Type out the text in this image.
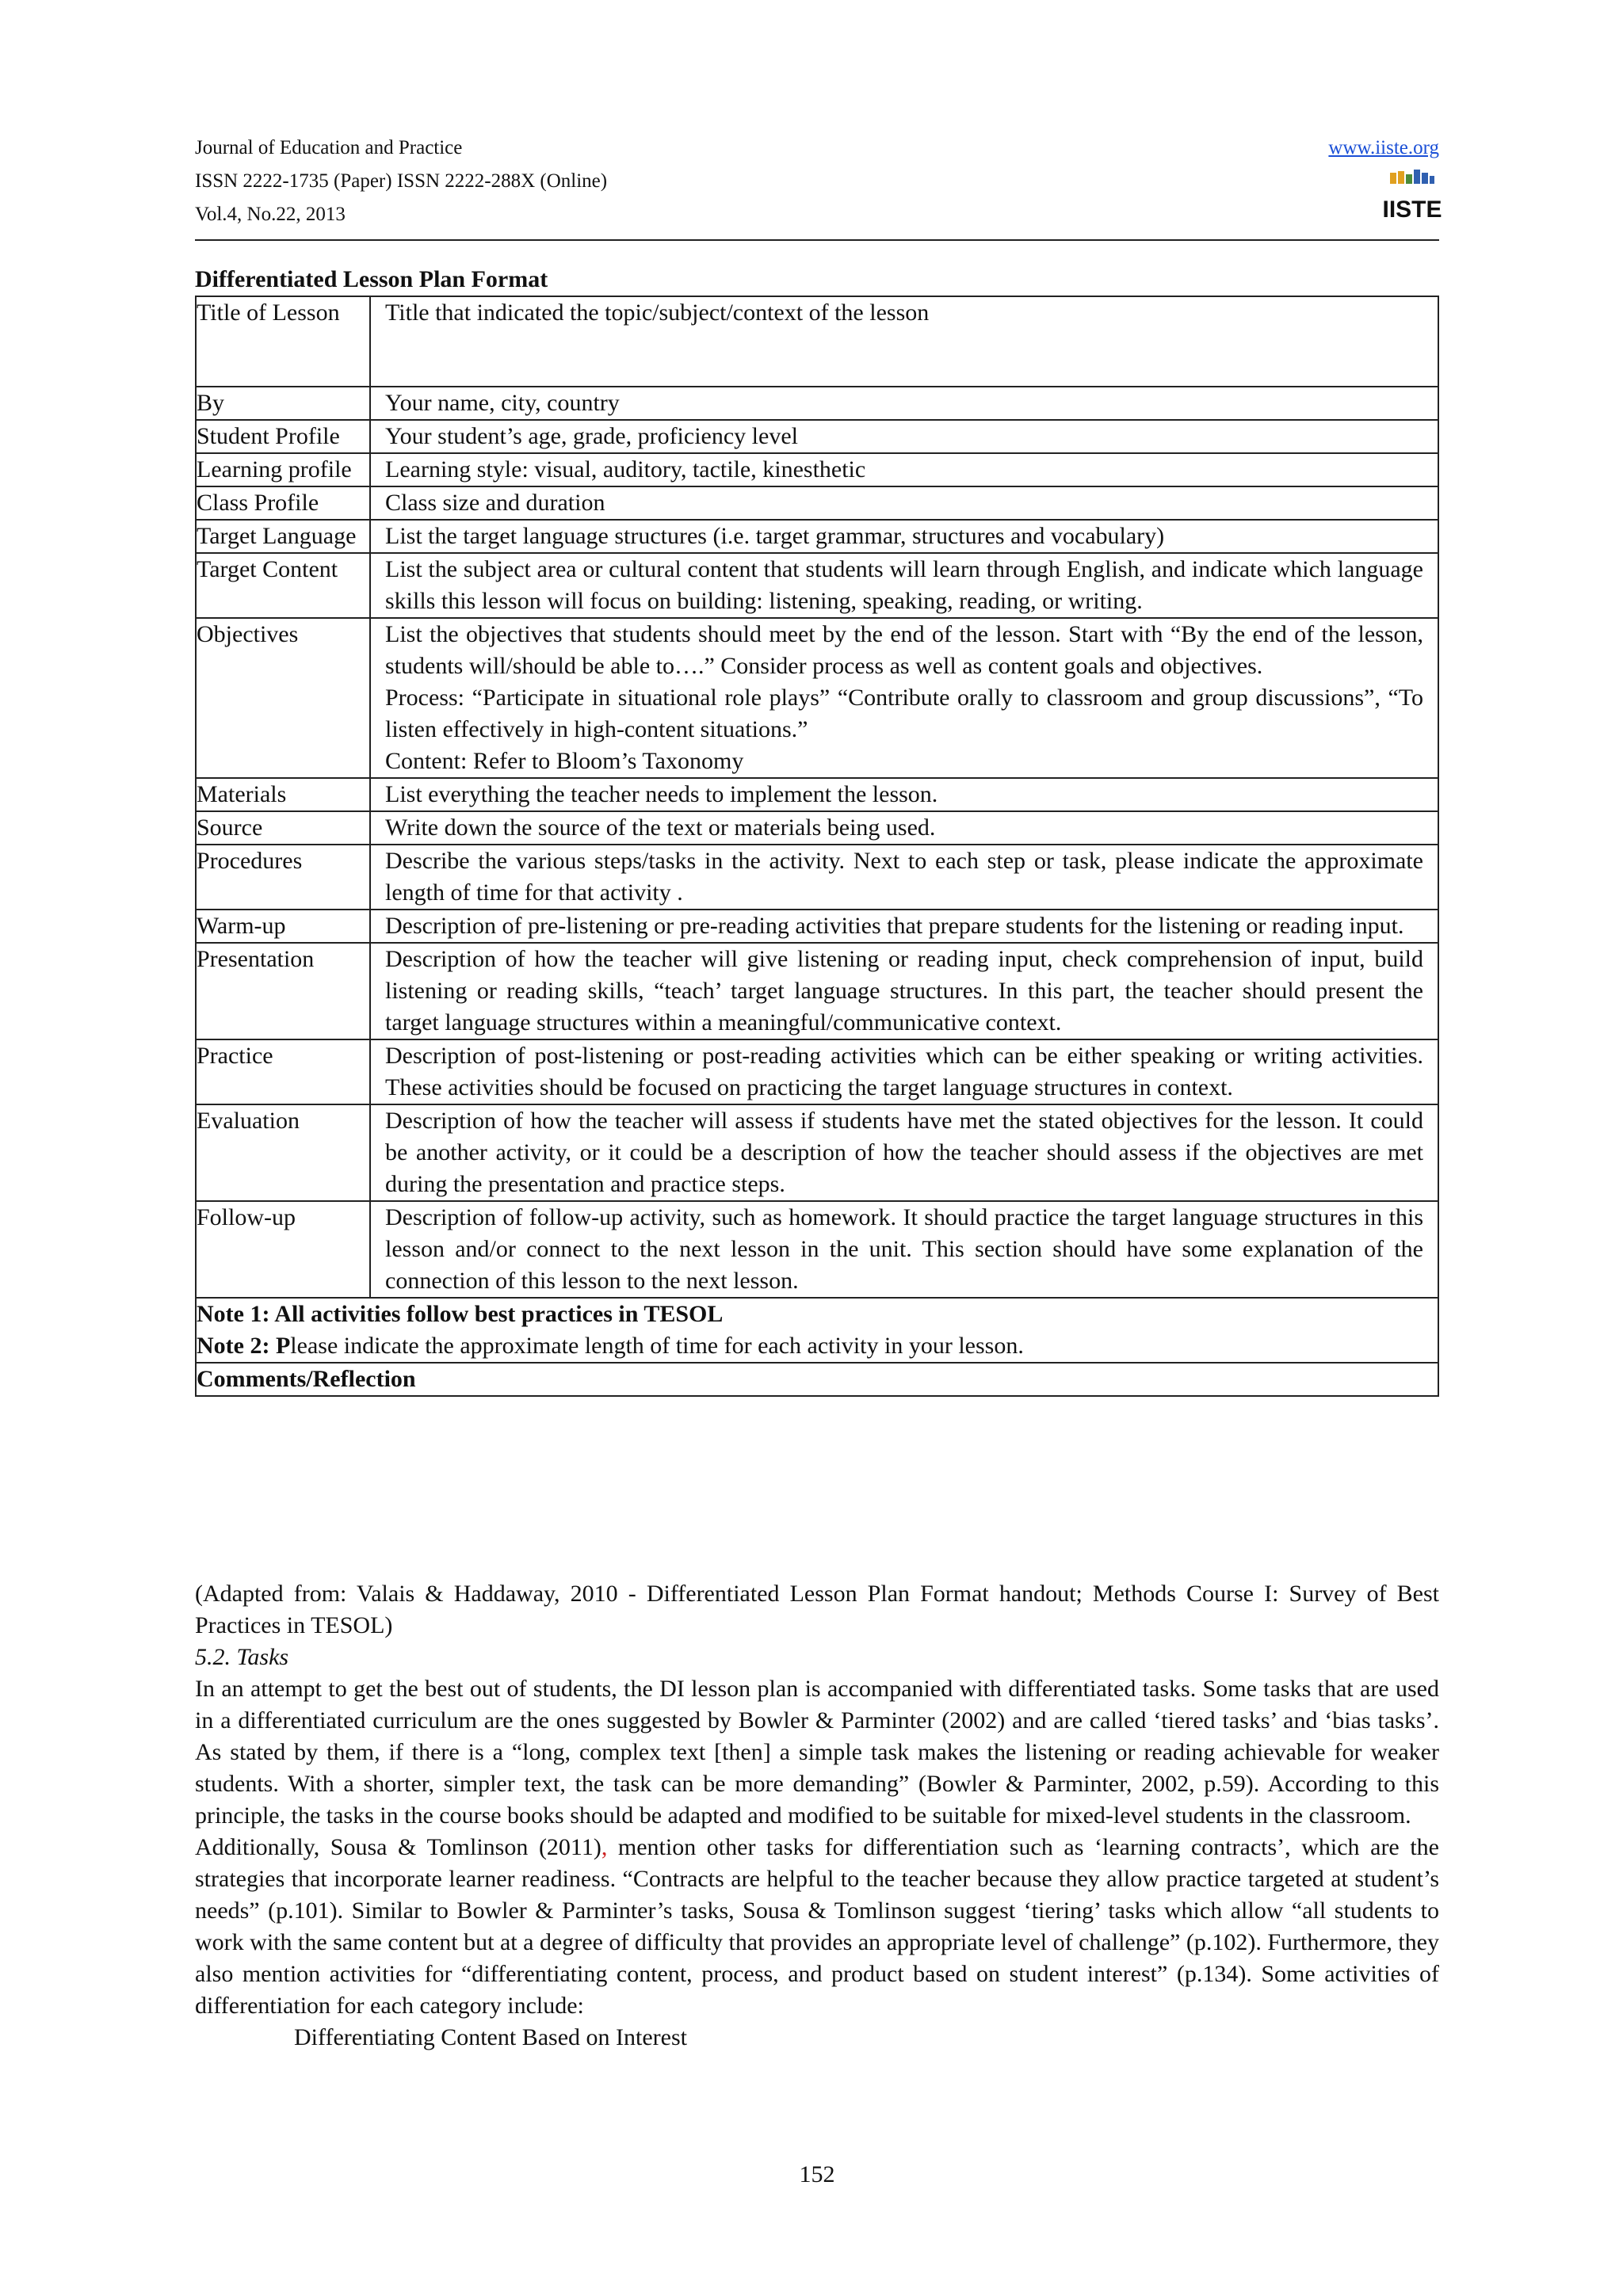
Journal of Education and Practice
ISSN 2222-1735 (Paper) ISSN 2222-288X (Online)
Vol.4, No.22, 2013
www.iiste.org
IISTE
Differentiated Lesson Plan Format
Title of Lesson	Title that indicated the topic/subject/context of the lesson
By	Your name, city, country
Student Profile	Your student’s age, grade, proficiency level
Learning profile	Learning style: visual, auditory, tactile, kinesthetic
Class Profile	Class size and duration
Target Language	List the target language structures (i.e. target grammar, structures and vocabulary)
Target Content	List the subject area or cultural content that students will learn through English, and indicate which language skills this lesson will focus on building: listening, speaking, reading, or writing.
Objectives	List the objectives that students should meet by the end of the lesson. Start with “By the end of the lesson, students will/should be able to….” Consider process as well as content goals and objectives.
Process: “Participate in situational role plays” “Contribute orally to classroom and group discussions”, “To listen effectively in high-content situations.”
Content: Refer to Bloom’s Taxonomy

Materials	List everything the teacher needs to implement the lesson.
Source	Write down the source of the text or materials being used.
Procedures	Describe the various steps/tasks in the activity. Next to each step or task, please indicate the approximate length of time for that activity .
Warm-up	Description of pre-listening or pre-reading activities that prepare students for the listening or reading input.
Presentation	Description of how the teacher will give listening or reading input, check comprehension of input, build listening or reading skills, “teach’ target language structures. In this part, the teacher should present the target language structures within a meaningful/communicative context.
Practice	Description of post-listening or post-reading activities which can be either speaking or writing activities. These activities should be focused on practicing the target language structures in context.
Evaluation	Description of how the teacher will assess if students have met the stated objectives for the lesson. It could be another activity, or it could be a description of how the teacher should assess if the objectives are met during the presentation and practice steps.
Follow-up	Description of follow-up activity, such as homework. It should practice the target language structures in this lesson and/or connect to the next lesson in the unit. This section should have some explanation of the connection of this lesson to the next lesson.

Note 1: All activities follow best practices in TESOL
Note 2: Please indicate the approximate length of time for each activity in your lesson.	

Comments/Reflection	

(Adapted from: Valais & Haddaway, 2010 - Differentiated Lesson Plan Format handout; Methods Course I: Survey of Best Practices in TESOL)

5.2. Tasks

In an attempt to get the best out of students, the DI lesson plan is accompanied with differentiated tasks. Some tasks that are used in a differentiated curriculum are the ones suggested by Bowler & Parminter (2002) and are called ‘tiered tasks’ and ‘bias tasks’. As stated by them, if there is a “long, complex text [then] a simple task makes the listening or reading achievable for weaker students. With a shorter, simpler text, the task can be more demanding” (Bowler & Parminter, 2002, p.59). According to this principle, the tasks in the course books should be adapted and modified to be suitable for mixed-level students in the classroom.

Additionally, Sousa & Tomlinson (2011), mention other tasks for differentiation such as ‘learning contracts’, which are the strategies that incorporate learner readiness. “Contracts are helpful to the teacher because they allow practice targeted at student’s needs” (p.101). Similar to Bowler & Parminter’s tasks, Sousa & Tomlinson suggest ‘tiering’ tasks which allow “all students to work with the same content but at a degree of difficulty that provides an appropriate level of challenge” (p.102). Furthermore, they also mention activities for “differentiating content, process, and product based on student interest” (p.134). Some activities of differentiation for each category include:

Differentiating Content Based on Interest

152
